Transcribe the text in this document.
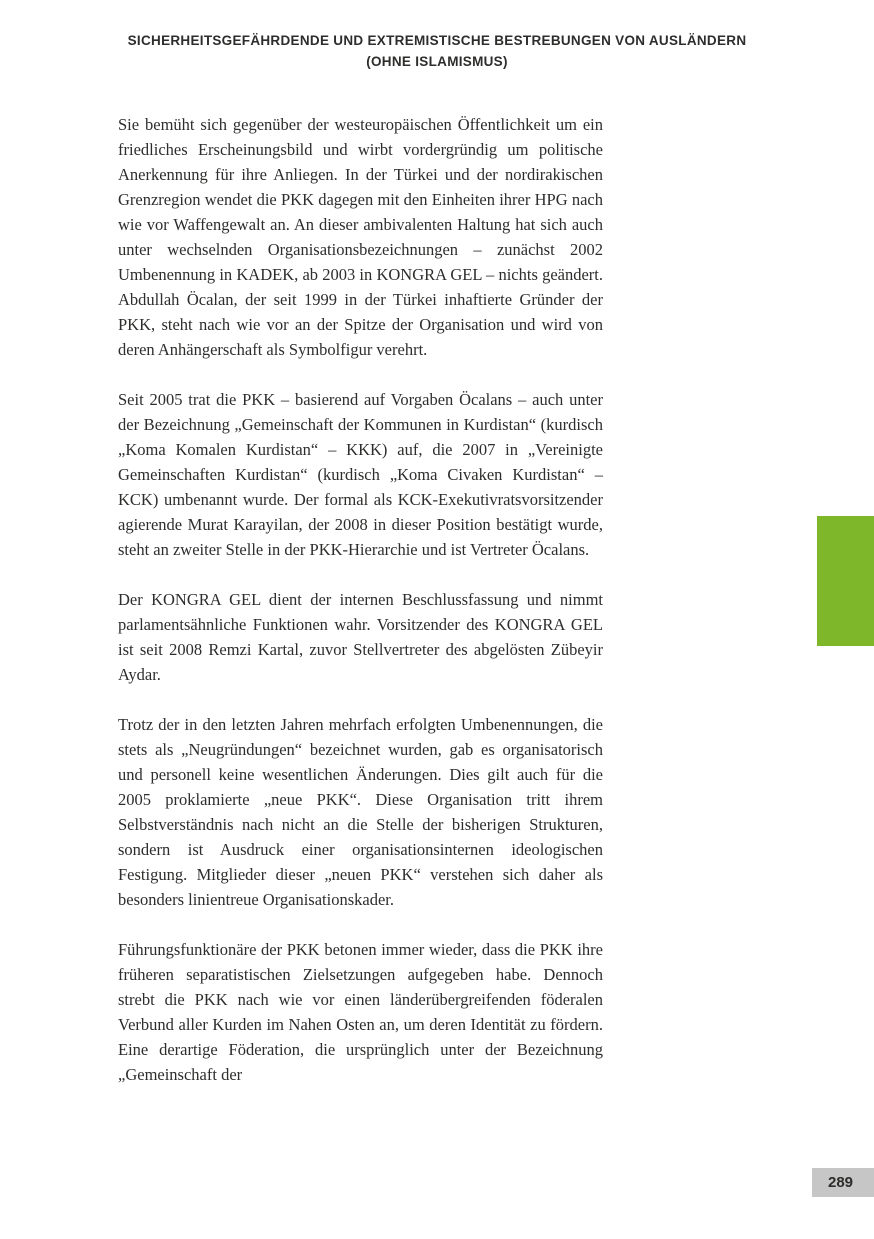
SICHERHEITSGEFÄHRDENDE UND EXTREMISTISCHE BESTREBUNGEN VON AUSLÄNDERN
(OHNE ISLAMISMUS)

Sie bemüht sich gegenüber der westeuropäischen Öffentlichkeit um ein friedliches Erscheinungsbild und wirbt vordergründig um politische Anerkennung für ihre Anliegen. In der Türkei und der nordirakischen Grenzregion wendet die PKK dagegen mit den Einheiten ihrer HPG nach wie vor Waffengewalt an. An dieser ambivalenten Haltung hat sich auch unter wechselnden Organisationsbezeichnungen – zunächst 2002 Umbenennung in KADEK, ab 2003 in KONGRA GEL – nichts geändert. Abdullah Öcalan, der seit 1999 in der Türkei inhaftierte Gründer der PKK, steht nach wie vor an der Spitze der Organisation und wird von deren Anhängerschaft als Symbolfigur verehrt.

Seit 2005 trat die PKK – basierend auf Vorgaben Öcalans – auch unter der Bezeichnung „Gemeinschaft der Kommunen in Kurdistan“ (kurdisch „Koma Komalen Kurdistan“ – KKK) auf, die 2007 in „Vereinigte Gemeinschaften Kurdistan“ (kurdisch „Koma Civaken Kurdistan“ – KCK) umbenannt wurde. Der formal als KCK-Exekutivratsvorsitzender agierende Murat Karayilan, der 2008 in dieser Position bestätigt wurde, steht an zweiter Stelle in der PKK-Hierarchie und ist Vertreter Öcalans.

Der KONGRA GEL dient der internen Beschlussfassung und nimmt parlamentsähnliche Funktionen wahr. Vorsitzender des KONGRA GEL ist seit 2008 Remzi Kartal, zuvor Stellvertreter des abgelösten Zübeyir Aydar.

Trotz der in den letzten Jahren mehrfach erfolgten Umbenennungen, die stets als „Neugründungen“ bezeichnet wurden, gab es organisatorisch und personell keine wesentlichen Änderungen. Dies gilt auch für die 2005 proklamierte „neue PKK“. Diese Organisation tritt ihrem Selbstverständnis nach nicht an die Stelle der bisherigen Strukturen, sondern ist Ausdruck einer organisationsinternen ideologischen Festigung. Mitglieder dieser „neuen PKK“ verstehen sich daher als besonders linientreue Organisationskader.

Führungsfunktionäre der PKK betonen immer wieder, dass die PKK ihre früheren separatistischen Zielsetzungen aufgegeben habe. Dennoch strebt die PKK nach wie vor einen länderübergreifenden föderalen Verbund aller Kurden im Nahen Osten an, um deren Identität zu fördern. Eine derartige Föderation, die ursprünglich unter der Bezeichnung „Gemeinschaft der

289
